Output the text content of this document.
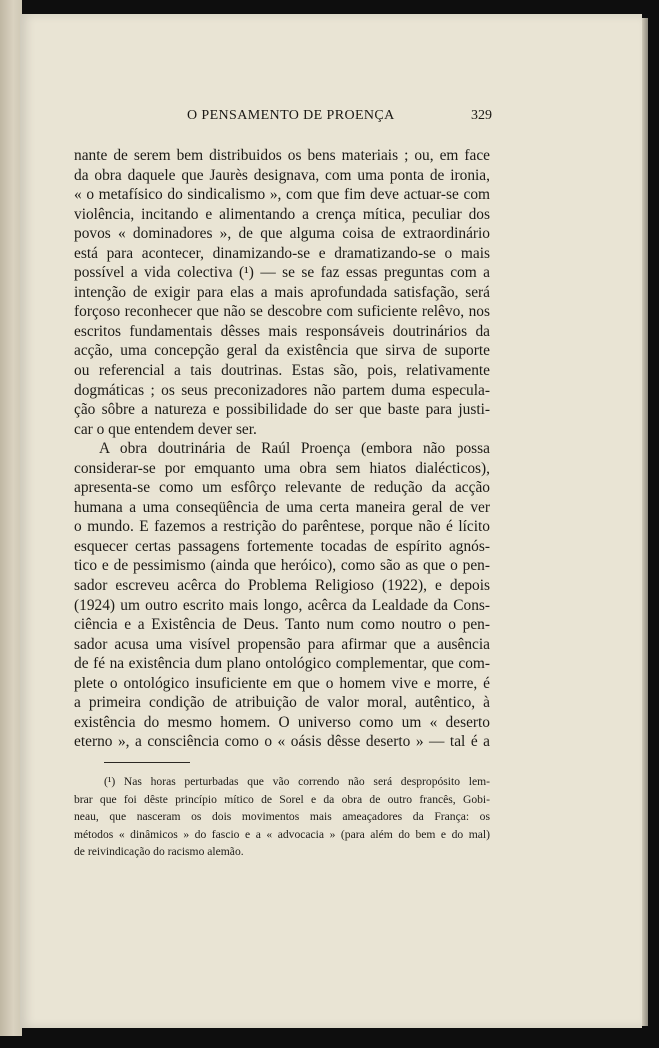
O PENSAMENTO DE PROENÇA	329
nante de serem bem distribuidos os bens materiais ; ou, em face
da obra daquele que Jaurès designava, com uma ponta de ironia,
« o metafísico do sindicalismo », com que fim deve actuar-se com
violência, incitando e alimentando a crença mítica, peculiar dos
povos « dominadores », de que alguma coisa de extraordinário
está para acontecer, dinamizando-se e dramatizando-se o mais
possível a vida colectiva (¹) — se se faz essas preguntas com a
intenção de exigir para elas a mais aprofundada satisfação, será
forçoso reconhecer que não se descobre com suficiente relêvo, nos
escritos fundamentais dêsses mais responsáveis doutrinários da
acção, uma concepção geral da existência que sirva de suporte
ou referencial a tais doutrinas. Estas são, pois, relativamente
dogmáticas ; os seus preconizadores não partem duma especula-
ção sôbre a natureza e possibilidade do ser que baste para justi-
car o que entendem dever ser.
A obra doutrinária de Raúl Proença (embora não possa
considerar-se por emquanto uma obra sem hiatos dialécticos),
apresenta-se como um esfôrço relevante de redução da acção
humana a uma conseqüência de uma certa maneira geral de ver
o mundo. E fazemos a restrição do parêntese, porque não é lícito
esquecer certas passagens fortemente tocadas de espírito agnós-
tico e de pessimismo (ainda que heróico), como são as que o pen-
sador escreveu acêrca do Problema Religioso (1922), e depois
(1924) um outro escrito mais longo, acêrca da Lealdade da Cons-
ciência e a Existência de Deus. Tanto num como noutro o pen-
sador acusa uma visível propensão para afirmar que a ausência
de fé na existência dum plano ontológico complementar, que com-
plete o ontológico insuficiente em que o homem vive e morre, é
a primeira condição de atribuição de valor moral, autêntico, à
existência do mesmo homem. O universo como um « deserto
eterno », a consciência como o « oásis dêsse deserto » — tal é a
(¹) Nas horas perturbadas que vão correndo não será despropósito lem-
brar que foi dêste princípio mítico de Sorel e da obra de outro francês, Gobi-
neau, que nasceram os dois movimentos mais ameaçadores da França: os
métodos « dinâmicos » do fascio e a « advocacia » (para além do bem e do mal)
de reivindicação do racismo alemão.
